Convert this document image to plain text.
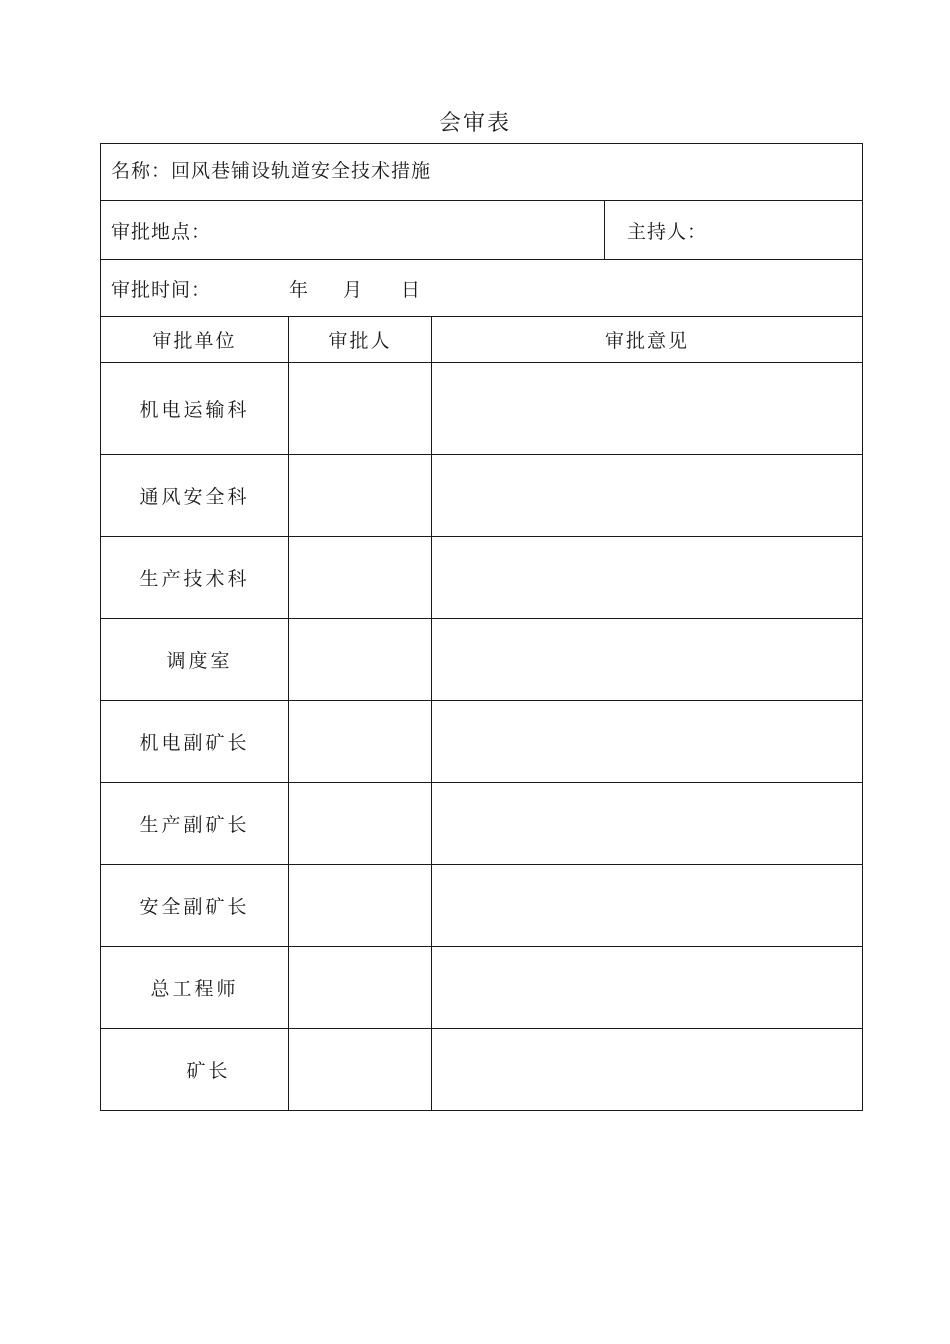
会审表
名称：回风巷铺设轨道安全技术措施			
审批地点：			主持人：
审批时间： 年 月 日			
审批单位	审批人	审批意见	
机电运输科			
通风安全科			
生产技术科			
调度室			
机电副矿长			
生产副矿长			
安全副矿长			
总工程师			
矿长			
